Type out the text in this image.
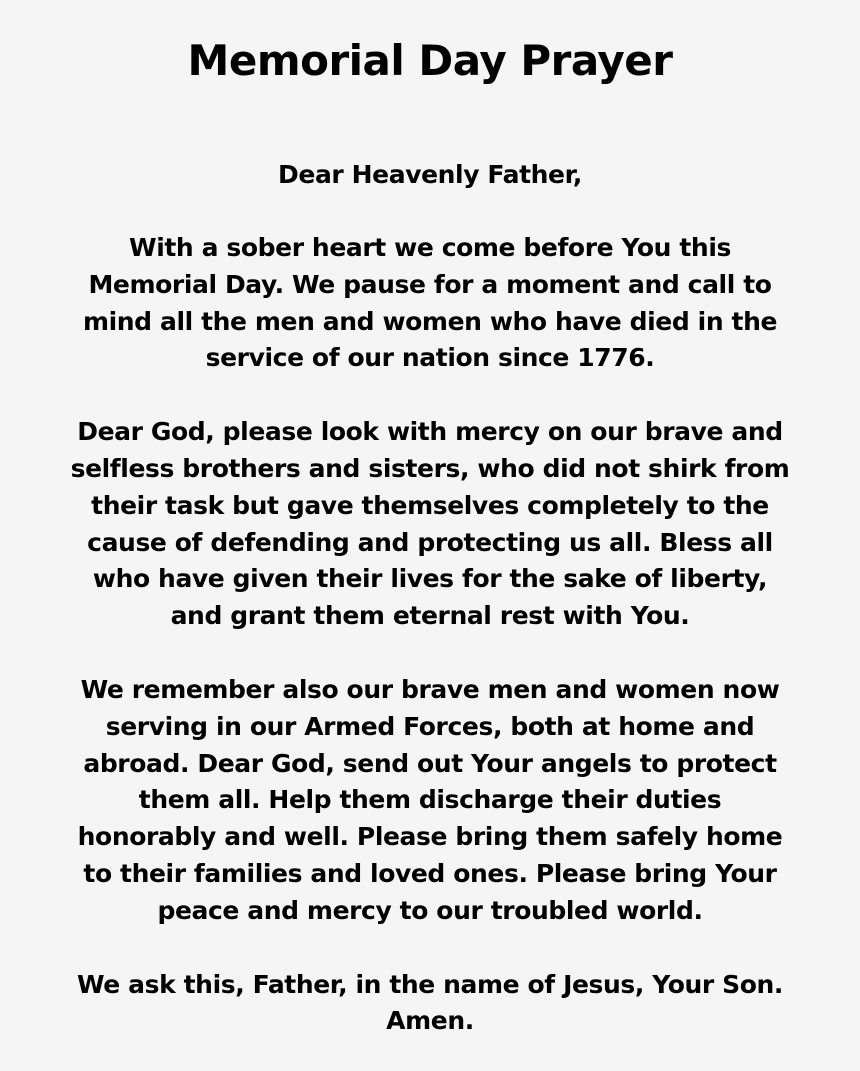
Memorial Day Prayer

Dear Heavenly Father,

With a sober heart we come before You this
Memorial Day. We pause for a moment and call to
mind all the men and women who have died in the
service of our nation since 1776.

Dear God, please look with mercy on our brave and
selfless brothers and sisters, who did not shirk from
their task but gave themselves completely to the
cause of defending and protecting us all. Bless all
who have given their lives for the sake of liberty,
and grant them eternal rest with You.

We remember also our brave men and women now
serving in our Armed Forces, both at home and
abroad. Dear God, send out Your angels to protect
them all. Help them discharge their duties
honorably and well. Please bring them safely home
to their families and loved ones. Please bring Your
peace and mercy to our troubled world.

We ask this, Father, in the name of Jesus, Your Son.
Amen.
